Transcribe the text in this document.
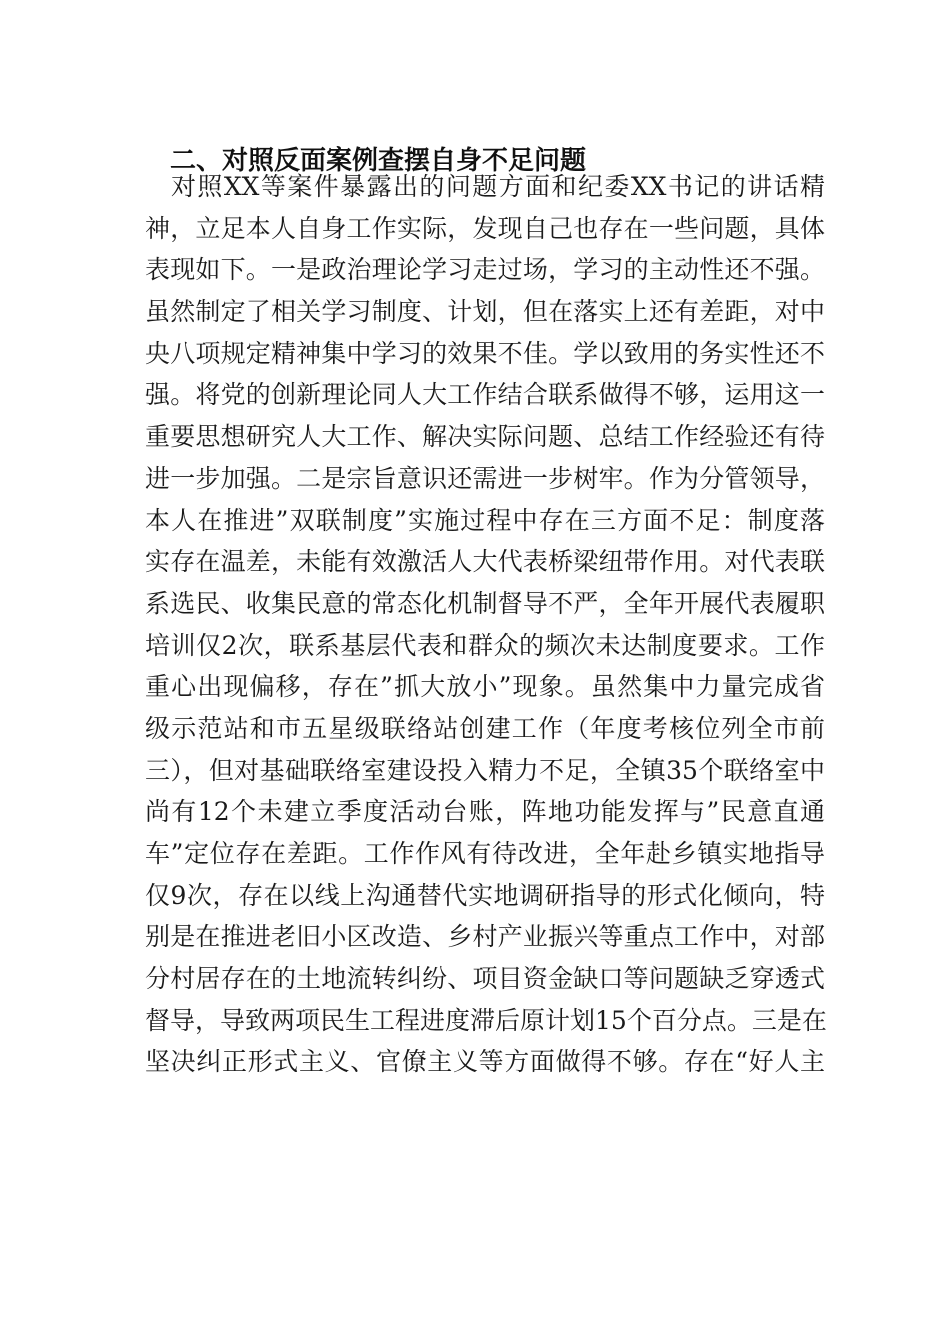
二、对照反面案例查摆自身不足问题
对照XX等案件暴露出的问题方面和纪委XX书记的讲话精
神，立足本人自身工作实际，发现自己也存在一些问题，具体
表现如下。一是政治理论学习走过场，学习的主动性还不强。
虽然制定了相关学习制度、计划，但在落实上还有差距，对中
央八项规定精神集中学习的效果不佳。学以致用的务实性还不
强。将党的创新理论同人大工作结合联系做得不够，运用这一
重要思想研究人大工作、解决实际问题、总结工作经验还有待
进一步加强。二是宗旨意识还需进一步树牢。作为分管领导，
本人在推进”双联制度”实施过程中存在三方面不足：制度落
实存在温差，未能有效激活人大代表桥梁纽带作用。对代表联
系选民、收集民意的常态化机制督导不严，全年开展代表履职
培训仅2次，联系基层代表和群众的频次未达制度要求。工作
重心出现偏移，存在”抓大放小”现象。虽然集中力量完成省
级示范站和市五星级联络站创建工作（年度考核位列全市前
三），但对基础联络室建设投入精力不足，全镇35个联络室中
尚有12个未建立季度活动台账，阵地功能发挥与”民意直通
车”定位存在差距。工作作风有待改进，全年赴乡镇实地指导
仅9次，存在以线上沟通替代实地调研指导的形式化倾向，特
别是在推进老旧小区改造、乡村产业振兴等重点工作中，对部
分村居存在的土地流转纠纷、项目资金缺口等问题缺乏穿透式
督导，导致两项民生工程进度滞后原计划15个百分点。三是在
坚决纠正形式主义、官僚主义等方面做得不够。存在“好人主
